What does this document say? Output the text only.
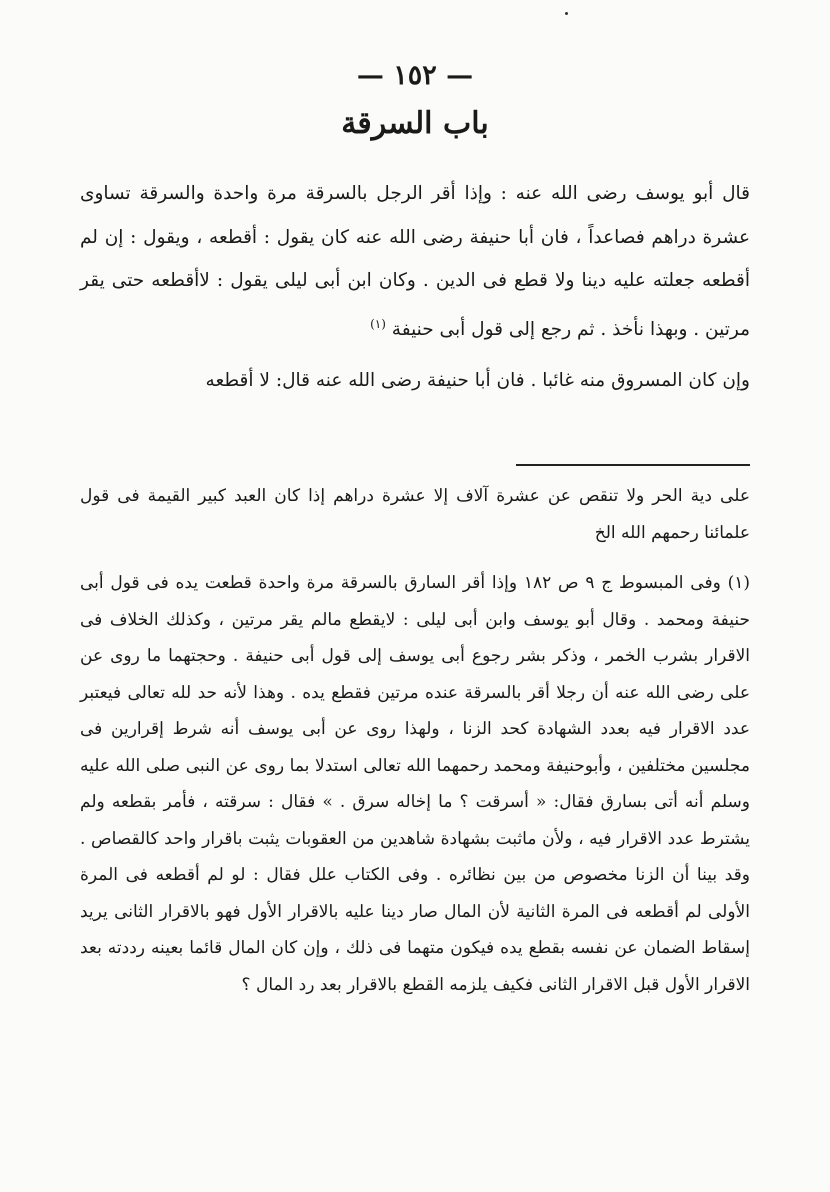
— ١٥٢ —
باب السرقة

قال أبو يوسف رضى الله عنه : وإذا أقر الرجل بالسرقة مرة واحدة والسرقة تساوى عشرة دراهم فصاعداً ، فان أبا حنيفة رضى الله عنه كان يقول : أقطعه ، ويقول : إن لم أقطعه جعلته عليه دينا ولا قطع فى الدين . وكان ابن أبى ليلى يقول : لاأقطعه حتى يقر مرتين . وبهذا نأخذ . ثم رجع إلى قول أبى حنيفة $^{(١)}$

وإن كان المسروق منه غائبا . فان أبا حنيفة رضى الله عنه قال: لا أقطعه

على دية الحر ولا تنقص عن عشرة آلاف إلا عشرة دراهم إذا كان العبد كبير القيمة فى قول علمائنا رحمهم الله الخ

(١) وفى المبسوط ج ٩ ص ١٨٢ وإذا أقر السارق بالسرقة مرة واحدة قطعت يده فى قول أبى حنيفة ومحمد . وقال أبو يوسف وابن أبى ليلى : لايقطع مالم يقر مرتين ، وكذلك الخلاف فى الاقرار بشرب الخمر ، وذكر بشر رجوع أبى يوسف إلى قول أبى حنيفة . وحجتهما ما روى عن على رضى الله عنه أن رجلا أقر بالسرقة عنده مرتين فقطع يده . وهذا لأنه حد لله تعالى فيعتبر عدد الاقرار فيه بعدد الشهادة كحد الزنا ، ولهذا روى عن أبى يوسف أنه شرط إقرارين فى مجلسين مختلفين ، وأبوحنيفة ومحمد رحمهما الله تعالى استدلا بما روى عن النبى صلى الله عليه وسلم أنه أتى بسارق فقال: « أسرقت ؟ ما إخاله سرق . » فقال : سرقته ، فأمر بقطعه ولم يشترط عدد الاقرار فيه ، ولأن ماثبت بشهادة شاهدين من العقوبات يثبت باقرار واحد كالقصاص . وقد بينا أن الزنا مخصوص من بين نظائره . وفى الكتاب علل فقال : لو لم أقطعه فى المرة الأولى لم أقطعه فى المرة الثانية لأن المال صار دينا عليه بالاقرار الأول فهو بالاقرار الثانى يريد إسقاط الضمان عن نفسه بقطع يده فيكون متهما فى ذلك ، وإن كان المال قائما بعينه رددته بعد الاقرار الأول قبل الاقرار الثانى فكيف يلزمه القطع بالاقرار بعد رد المال ؟
